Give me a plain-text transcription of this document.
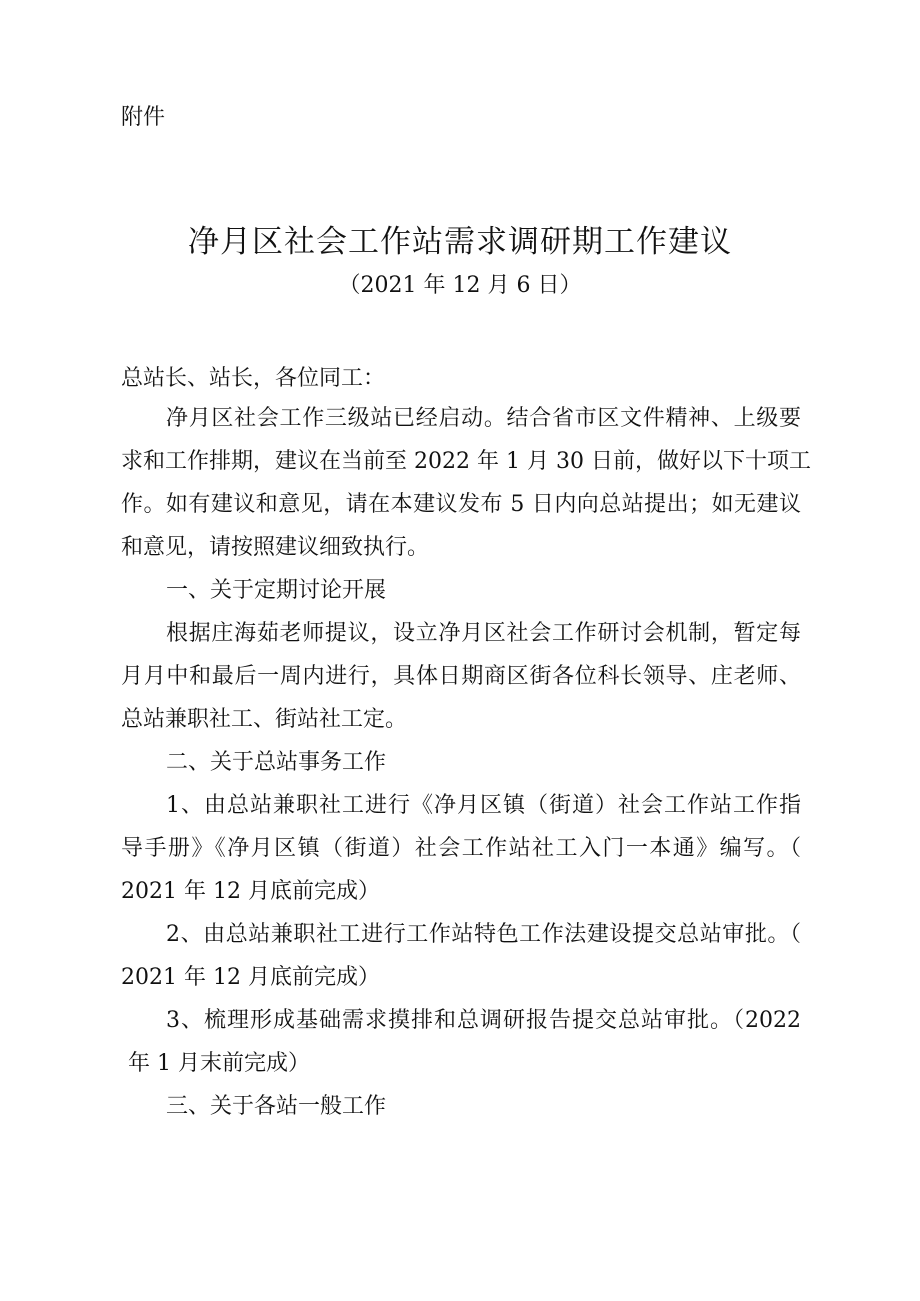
附件
净月区社会工作站需求调研期工作建议
（2021 年 12 月 6 日）
总站长、站长，各位同工：
净月区社会工作三级站已经启动。结合省市区文件精神、上级要
求和工作排期，建议在当前至 2022 年 1 月 30 日前，做好以下十项工
作。如有建议和意见，请在本建议发布 5 日内向总站提出；如无建议
和意见，请按照建议细致执行。
一、关于定期讨论开展
根据庄海茹老师提议，设立净月区社会工作研讨会机制，暂定每
月月中和最后一周内进行，具体日期商区街各位科长领导、庄老师、
总站兼职社工、街站社工定。
二、关于总站事务工作
1、由总站兼职社工进行《净月区镇（街道）社会工作站工作指
导手册》《净月区镇（街道）社会工作站社工入门一本通》编写。（
2021 年 12 月底前完成）
2、由总站兼职社工进行工作站特色工作法建设提交总站审批。（
2021 年 12 月底前完成）
3、梳理形成基础需求摸排和总调研报告提交总站审批。（2022
年 1 月末前完成）
三、关于各站一般工作
